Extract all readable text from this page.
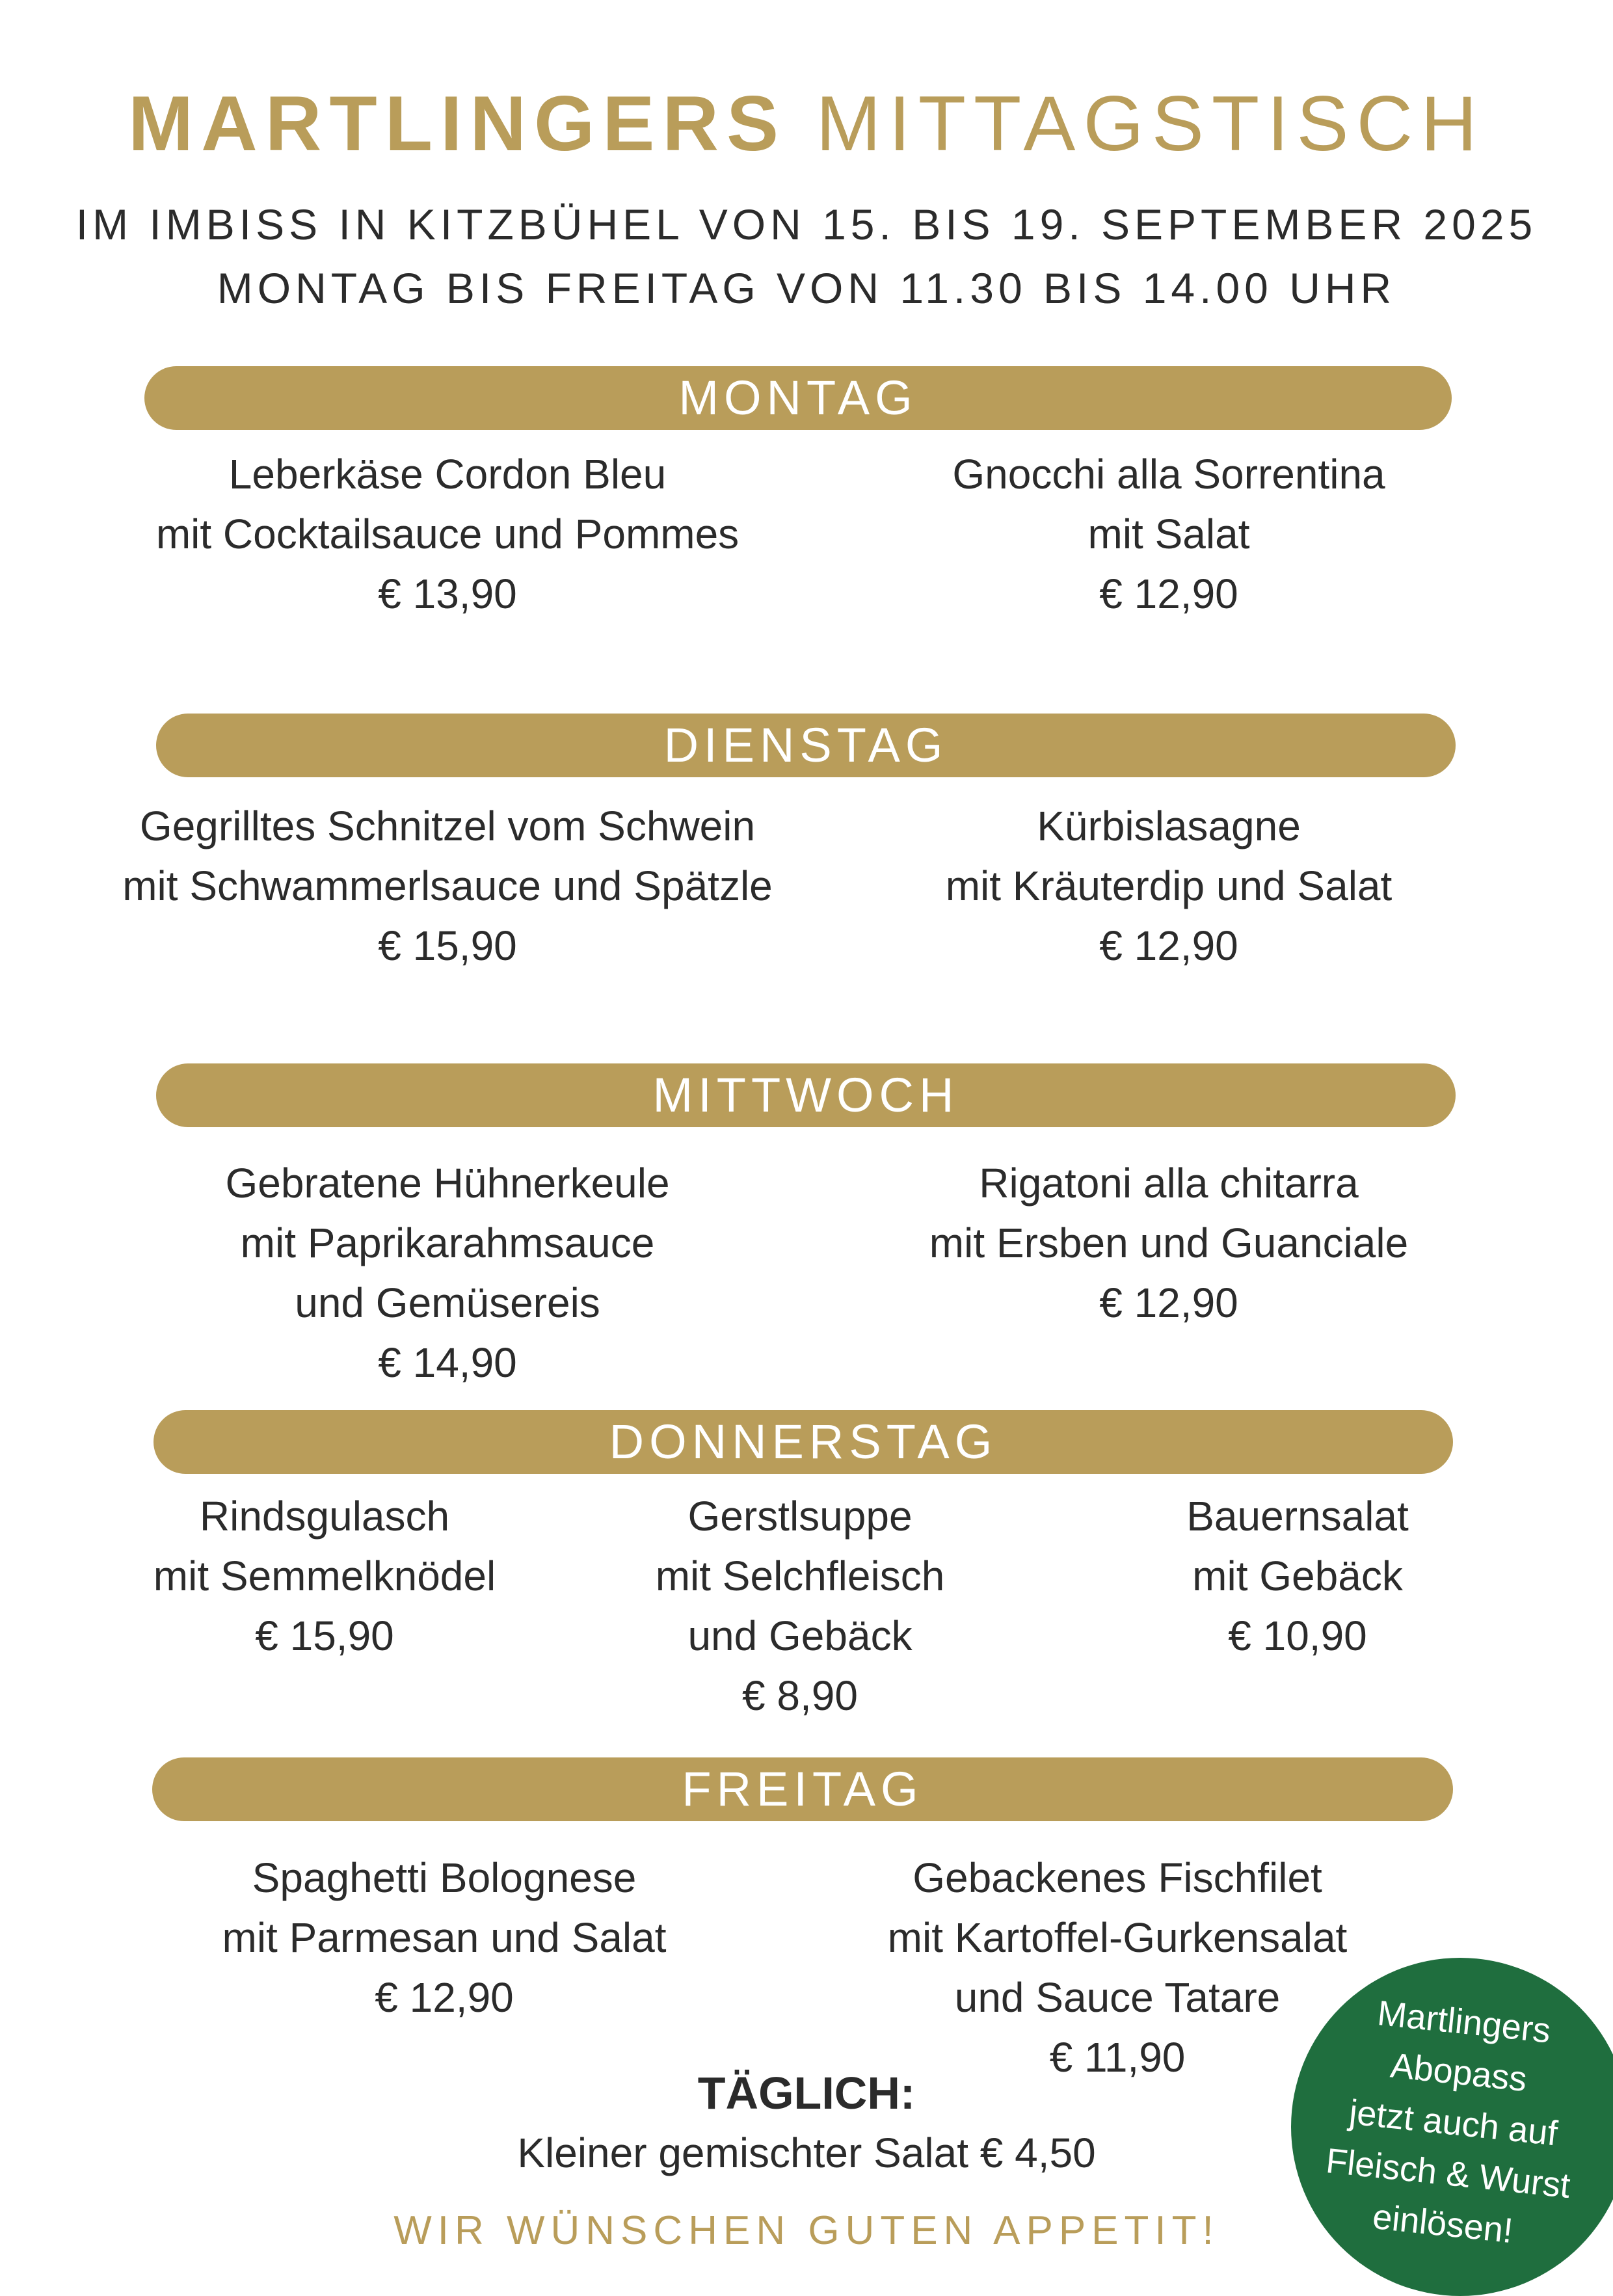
MARTLINGERS MITTAGSTISCH
IM IMBISS IN KITZBÜHEL VON 15. BIS 19. SEPTEMBER 2025
MONTAG BIS FREITAG VON 11.30 BIS 14.00 UHR
MONTAG
Leberkäse Cordon Bleu
mit Cocktailsauce und Pommes
€ 13,90
Gnocchi alla Sorrentina
mit Salat
€ 12,90
DIENSTAG
Gegrilltes Schnitzel vom Schwein
mit Schwammerlsauce und Spätzle
€ 15,90
Kürbislasagne
mit Kräuterdip und Salat
€ 12,90
MITTWOCH
Gebratene Hühnerkeule
mit Paprikarahmsauce
und Gemüsereis
€ 14,90
Rigatoni alla chitarra
mit Ersben und Guanciale
€ 12,90
DONNERSTAG
Rindsgulasch
mit Semmelknödel
€ 15,90
Gerstlsuppe
mit Selchfleisch
und Gebäck
€ 8,90
Bauernsalat
mit Gebäck
€ 10,90
FREITAG
Spaghetti Bolognese
mit Parmesan und Salat
€ 12,90
Gebackenes Fischfilet
mit Kartoffel-Gurkensalat
und Sauce Tatare
€ 11,90
TÄGLICH:
Kleiner gemischter Salat € 4,50
WIR WÜNSCHEN GUTEN APPETIT!
Martlingers
Abopass
jetzt auch auf
Fleisch & Wurst
einlösen!
